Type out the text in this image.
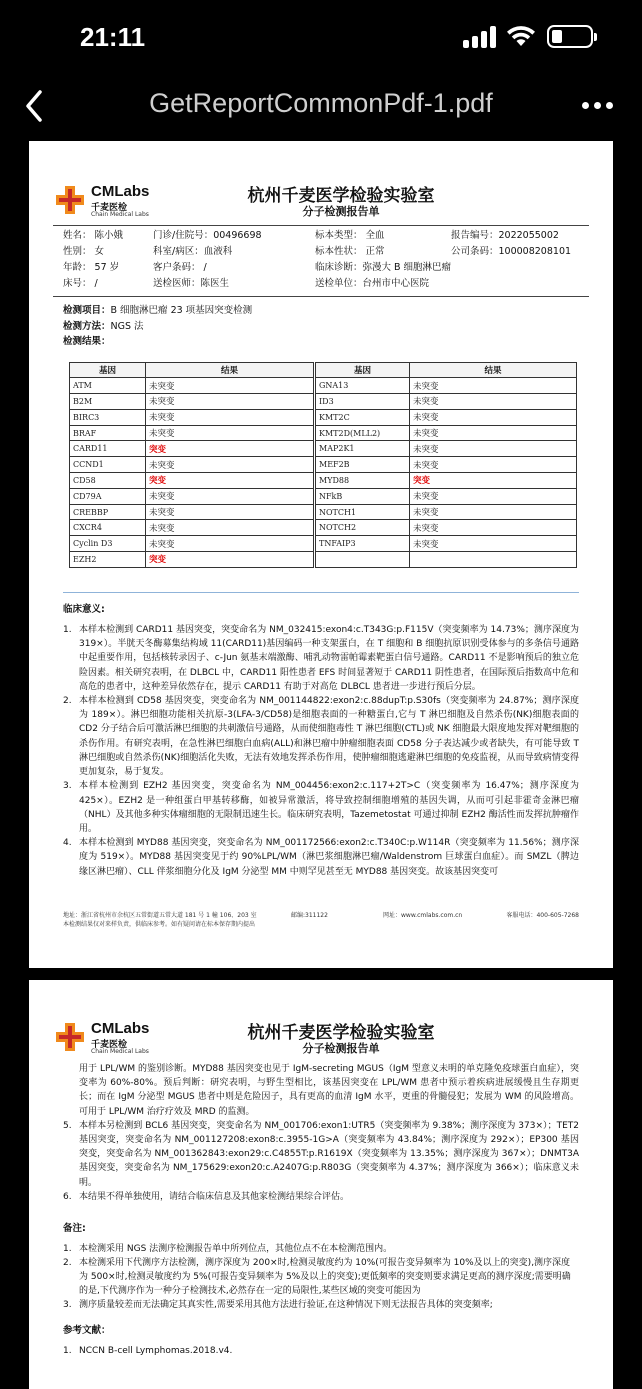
21:11
GetReportCommonPdf-1.pdf
CMLabs
千麦医检
Chain Medical Labs
杭州千麦医学检验实验室
分子检测报告单
姓名： 陈小娥	门诊/住院号：00496698	标本类型： 全血	报告编号：2022055002
性别： 女	科室/病区：血液科	标本性状： 正常	公司条码：100008208101
年龄： 57 岁	客户条码： /	临床诊断：弥漫大 B 细胞淋巴瘤
床号： /	送检医师：陈医生	送检单位：台州市中心医院
检测项目：B 细胞淋巴瘤 23 项基因突变检测
检测方法：NGS 法
检测结果：
基因	结果		基因	结果
ATM	未突变		GNA13	未突变
B2M	未突变		ID3	未突变
BIRC3	未突变		KMT2C	未突变
BRAF	未突变		KMT2D(MLL2)	未突变
CARD11	突变		MAP2K1	未突变
CCND1	未突变		MEF2B	未突变
CD58	突变		MYD88	突变
CD79A	未突变		NFkB	未突变
CREBBP	未突变		NOTCH1	未突变
CXCR4	未突变		NOTCH2	未突变
Cyclin D3	未突变		TNFAIP3	未突变
EZH2	突变			
临床意义:
1. 本样本检测到 CARD11 基因突变，突变命名为 NM_032415:exon4:c.T343G:p.F115V（突变频率为 14.73%；测序深度为 319×）。半胱天冬酶募集结构域 11(CARD11)基因编码一种支架蛋白，在 T 细胞和 B 细胞抗原识别受体参与的多条信号通路中起重要作用，包括核转录因子、c-Jun 氨基末端激酶、哺乳动物雷帕霉素靶蛋白信号通路。CARD11 不是影响预后的独立危险因素。相关研究表明，在 DLBCL 中，CARD11 阳性患者 EFS 时间显著短于 CARD11 阴性患者，在国际预后指数高中危和高危的患者中，这种差异依然存在，提示 CARD11 有助于对高危 DLBCL 患者进一步进行预后分层。
2. 本样本检测到 CD58 基因突变，突变命名为 NM_001144822:exon2:c.88dupT:p.S30fs（突变频率为 24.87%；测序深度为 189×）。淋巴细胞功能相关抗原-3(LFA-3/CD58)是细胞表面的一种糖蛋白,它与 T 淋巴细胞及自然杀伤(NK)细胞表面的 CD2 分子结合后可激活淋巴细胞的共刺激信号通路，从而使细胞毒性 T 淋巴细胞(CTL)或 NK 细胞最大限度地发挥对靶细胞的杀伤作用。有研究表明，在急性淋巴细胞白血病(ALL)和淋巴瘤中肿瘤细胞表面 CD58 分子表达减少或者缺失，有可能导致 T 淋巴细胞或自然杀伤(NK)细胞活化失败，无法有效地发挥杀伤作用，使肿瘤细胞逃避淋巴细胞的免疫监视，从而导致病情变得更加复杂，易于复发。
3. 本样本检测到 EZH2 基因突变，突变命名为 NM_004456:exon2:c.117+2T>C（突变频率为 16.47%；测序深度为 425×）。EZH2 是一种组蛋白甲基转移酶，如被异常激活，将导致控制细胞增殖的基因失调，从而可引起非霍奇金淋巴瘤（NHL）及其他多种实体瘤细胞的无限制迅速生长。临床研究表明，Tazemetostat 可通过抑制 EZH2 酶活性而发挥抗肿瘤作用。
4. 本样本检测到 MYD88 基因突变，突变命名为 NM_001172566:exon2:c.T340C:p.W114R（突变频率为 11.56%；测序深度为 519×）。MYD88 基因突变见于约 90%LPL/WM（淋巴浆细胞淋巴瘤/Waldenstrom 巨球蛋白血症）。而 SMZL（脾边缘区淋巴瘤）、CLL 伴浆细胞分化及 IgM 分泌型 MM 中则罕见甚至无 MYD88 基因突变。故该基因突变可
地址：浙江省杭州市余杭区五常街道五常大道 181 号 1 幢 106、203 室	邮编:311122	网址：www.cmlabs.com.cn	客服电话：400-605-7268
本检测结果仅对来样负责，供临床参考。如有疑问请在标本保存期内提出
CMLabs
千麦医检
Chain Medical Labs
杭州千麦医学检验实验室
分子检测报告单
用于 LPL/WM 的鉴别诊断。MYD88 基因突变也见于 IgM-secreting MGUS（IgM 型意义未明的单克隆免疫球蛋白血症），突变率为 60%-80%。预后判断：研究表明，与野生型相比，该基因突变在 LPL/WM 患者中预示着疾病进展缓慢且生存期更长；而在 IgM 分泌型 MGUS 患者中则是危险因子，具有更高的血清 IgM 水平，更重的骨髓侵犯；发展为 WM 的风险增高。可用于 LPL/WM 治疗疗效及 MRD 的监测。
5. 本样本另检测到 BCL6 基因突变，突变命名为 NM_001706:exon1:UTR5（突变频率为 9.38%；测序深度为 373×）；TET2 基因突变，突变命名为 NM_001127208:exon8:c.3955-1G>A（突变频率为 43.84%；测序深度为 292×）；EP300 基因突变，突变命名为 NM_001362843:exon29:c.C4855T:p.R1619X（突变频率为 13.35%；测序深度为 367×）；DNMT3A 基因突变，突变命名为 NM_175629:exon20:c.A2407G:p.R803G（突变频率为 4.37%；测序深度为 366×）；临床意义未明。
6. 本结果不得单独使用，请结合临床信息及其他家检测结果综合评估。
备注:
1. 本检测采用 NGS 法测序检测报告单中所列位点，其他位点不在本检测范围内。
2. 本检测采用下代测序方法检测，测序深度为 200×时,检测灵敏度约为 10%(可报告变异频率为 10%及以上的突变),测序深度为 500×时,检测灵敏度约为 5%(可报告变异频率为 5%及以上的突变);更低频率的突变则要求满足更高的测序深度;需要明确的是,下代测序作为一种分子检测技术,必然存在一定的局限性,某些区域的突变可能因为
3. 测序质量较差而无法确定其真实性,需要采用其他方法进行验证,在这种情况下则无法报告具体的突变频率;
参考文献：
1. NCCN B-cell Lymphomas.2018.v4.
